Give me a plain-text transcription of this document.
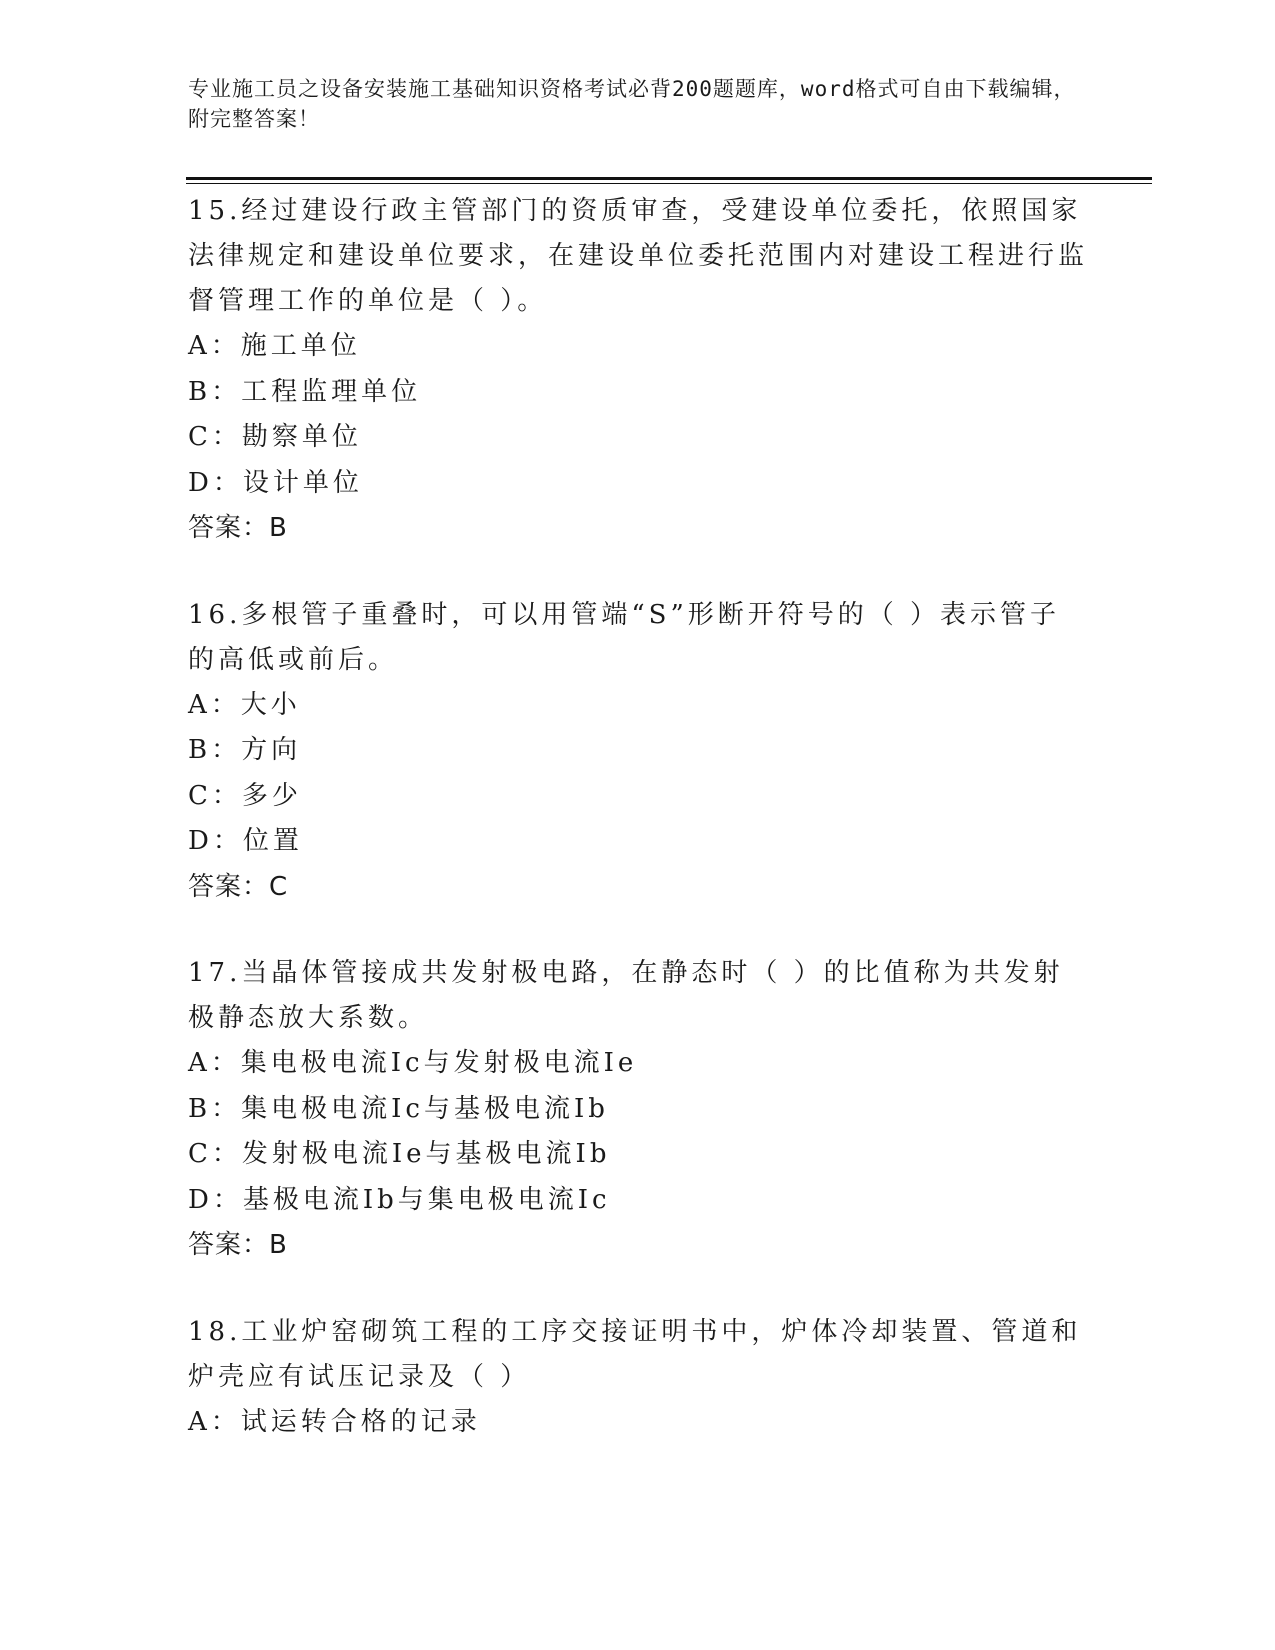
专业施工员之设备安装施工基础知识资格考试必背200题题库，word格式可自由下载编辑，附完整答案！
15.经过建设行政主管部门的资质审查，受建设单位委托，依照国家法律规定和建设单位要求，在建设单位委托范围内对建设工程进行监督管理工作的单位是（ ）。
A：施工单位
B：工程监理单位
C：勘察单位
D：设计单位
答案：B
16.多根管子重叠时，可以用管端“S”形断开符号的（ ）表示管子的高低或前后。
A：大小
B：方向
C：多少
D：位置
答案：C
17.当晶体管接成共发射极电路，在静态时（ ）的比值称为共发射极静态放大系数。
A：集电极电流Ic与发射极电流Ie
B：集电极电流Ic与基极电流Ib
C：发射极电流Ie与基极电流Ib
D：基极电流Ib与集电极电流Ic
答案：B
18.工业炉窑砌筑工程的工序交接证明书中，炉体冷却装置、管道和炉壳应有试压记录及（ ）
A：试运转合格的记录
